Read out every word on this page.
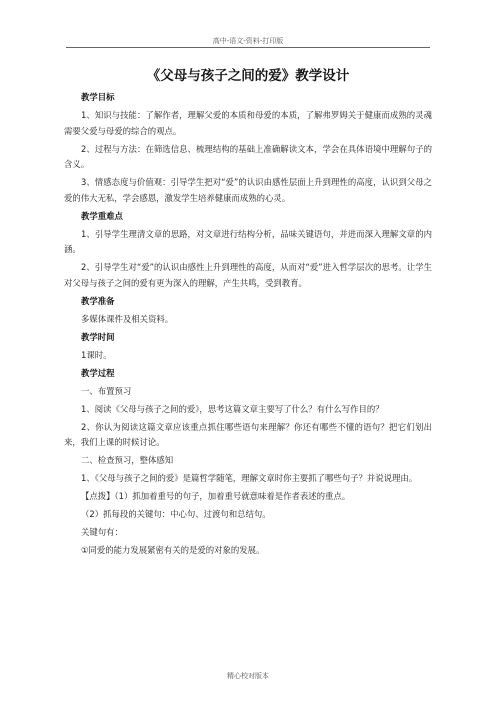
高中-语文-资料-打印版
《父母与孩子之间的爱》教学设计

教学目标

1、知识与技能：了解作者，理解父爱的本质和母爱的本质，了解弗罗姆关于健康而成熟的灵魂需要父爱与母爱的综合的观点。

2、过程与方法：在筛选信息、梳理结构的基础上准确解读文本，学会在具体语境中理解句子的含义。

3、情感态度与价值观：引导学生把对“爱”的认识由感性层面上升到理性的高度，认识到父母之爱的伟大无私，学会感恩，激发学生培养健康而成熟的心灵。

教学重难点

1、引导学生理清文章的思路，对文章进行结构分析，品味关键语句，并进而深入理解文章的内涵。

2、引导学生对“爱”的认识由感性上升到理性的高度，从而对“爱”进入哲学层次的思考。让学生对父母与孩子之间的爱有更为深入的理解，产生共鸣，受到教育。

教学准备

多媒体课件及相关资料。

教学时间

1课时。

教学过程

一、布置预习

1、阅读《父母与孩子之间的爱》，思考这篇文章主要写了什么？有什么写作目的？

2、你认为阅读这篇文章应该重点抓住哪些语句来理解？你还有哪些不懂的语句？把它们划出来，我们上课的时候讨论。

二、检查预习，整体感知

1、《父母与孩子之间的爱》是篇哲学随笔，理解文章时你主要抓了哪些句子？并说说理由。

【点拨】（1）抓加着重号的句子，加着重号就意味着是作者表述的重点。

（2）抓每段的关键句：中心句、过渡句和总结句。

关键句有：

①同爱的能力发展紧密有关的是爱的对象的发展。

精心校对版本
